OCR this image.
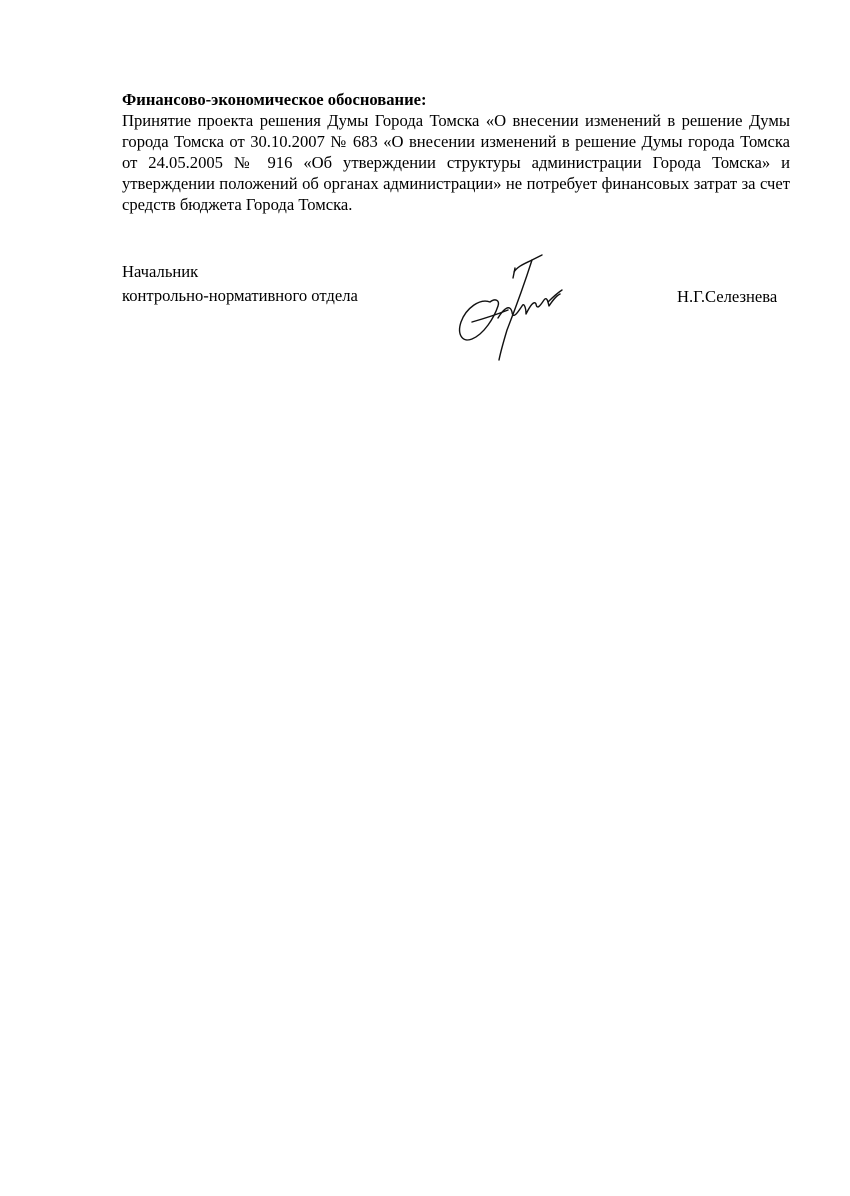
Финансово-экономическое обоснование:

Принятие проекта решения Думы Города Томска «О внесении изменений в решение Думы города Томска от 30.10.2007 № 683 «О внесении изменений в решение Думы города Томска от 24.05.2005 № 916 «Об утверждении структуры администрации Города Томска» и утверждении положений об органах администрации» не потребует финансовых затрат за счет средств бюджета Города Томска.

Начальник
контрольно-нормативного отдела	Н.Г.Селезнева
